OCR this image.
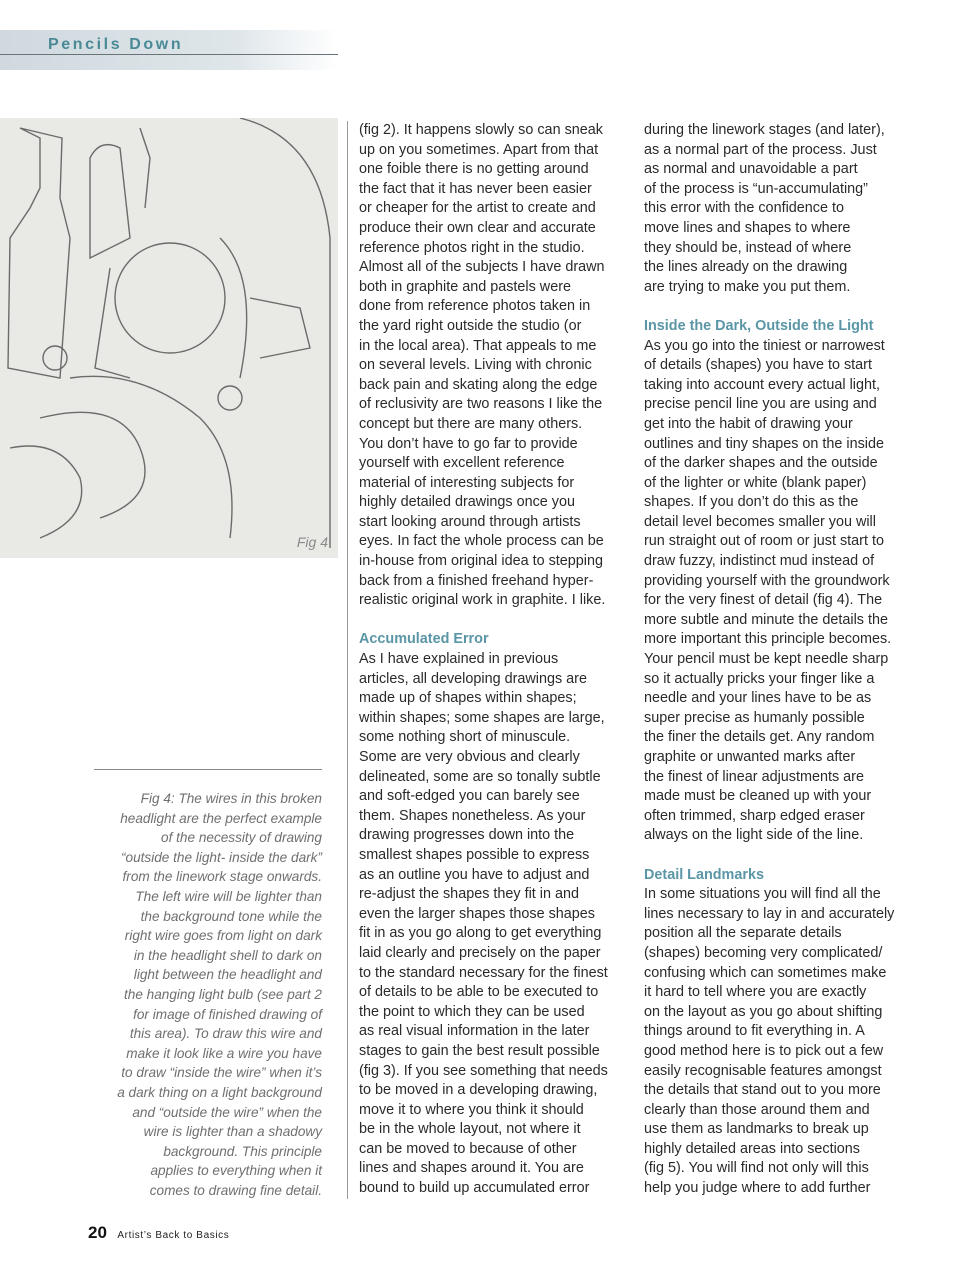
Pencils Down
Fig 4
Fig 4: The wires in this broken
headlight are the perfect example
of the necessity of drawing
“outside the light- inside the dark”
from the linework stage onwards.
The left wire will be lighter than
the background tone while the
right wire goes from light on dark
in the headlight shell to dark on
light between the headlight and
the hanging light bulb (see part 2
for image of finished drawing of
this area). To draw this wire and
make it look like a wire you have
to draw “inside the wire” when it’s
a dark thing on a light background
and “outside the wire” when the
wire is lighter than a shadowy
background. This principle
applies to everything when it
comes to drawing fine detail.
(fig 2). It happens slowly so can sneak
up on you sometimes. Apart from that
one foible there is no getting around
the fact that it has never been easier
or cheaper for the artist to create and
produce their own clear and accurate
reference photos right in the studio.
Almost all of the subjects I have drawn
both in graphite and pastels were
done from reference photos taken in
the yard right outside the studio (or
in the local area). That appeals to me
on several levels. Living with chronic
back pain and skating along the edge
of reclusivity are two reasons I like the
concept but there are many others.
You don’t have to go far to provide
yourself with excellent reference
material of interesting subjects for
highly detailed drawings once you
start looking around through artists
eyes. In fact the whole process can be
in-house from original idea to stepping
back from a finished freehand hyper-
realistic original work in graphite. I like.
Accumulated Error
As I have explained in previous
articles, all developing drawings are
made up of shapes within shapes;
within shapes; some shapes are large,
some nothing short of minuscule.
Some are very obvious and clearly
delineated, some are so tonally subtle
and soft-edged you can barely see
them. Shapes nonetheless. As your
drawing progresses down into the
smallest shapes possible to express
as an outline you have to adjust and
re-adjust the shapes they fit in and
even the larger shapes those shapes
fit in as you go along to get everything
laid clearly and precisely on the paper
to the standard necessary for the finest
of details to be able to be executed to
the point to which they can be used
as real visual information in the later
stages to gain the best result possible
(fig 3). If you see something that needs
to be moved in a developing drawing,
move it to where you think it should
be in the whole layout, not where it
can be moved to because of other
lines and shapes around it. You are
bound to build up accumulated error
during the linework stages (and later),
as a normal part of the process. Just
as normal and unavoidable a part
of the process is “un-accumulating”
this error with the confidence to
move lines and shapes to where
they should be, instead of where
the lines already on the drawing
are trying to make you put them.
Inside the Dark, Outside the Light
As you go into the tiniest or narrowest
of details (shapes) you have to start
taking into account every actual light,
precise pencil line you are using and
get into the habit of drawing your
outlines and tiny shapes on the inside
of the darker shapes and the outside
of the lighter or white (blank paper)
shapes. If you don’t do this as the
detail level becomes smaller you will
run straight out of room or just start to
draw fuzzy, indistinct mud instead of
providing yourself with the groundwork
for the very finest of detail (fig 4). The
more subtle and minute the details the
more important this principle becomes.
Your pencil must be kept needle sharp
so it actually pricks your finger like a
needle and your lines have to be as
super precise as humanly possible
the finer the details get. Any random
graphite or unwanted marks after
the finest of linear adjustments are
made must be cleaned up with your
often trimmed, sharp edged eraser
always on the light side of the line.
Detail Landmarks
In some situations you will find all the
lines necessary to lay in and accurately
position all the separate details
(shapes) becoming very complicated/
confusing which can sometimes make
it hard to tell where you are exactly
on the layout as you go about shifting
things around to fit everything in. A
good method here is to pick out a few
easily recognisable features amongst
the details that stand out to you more
clearly than those around them and
use them as landmarks to break up
highly detailed areas into sections
(fig 5). You will find not only will this
help you judge where to add further
20 Artist’s Back to Basics
